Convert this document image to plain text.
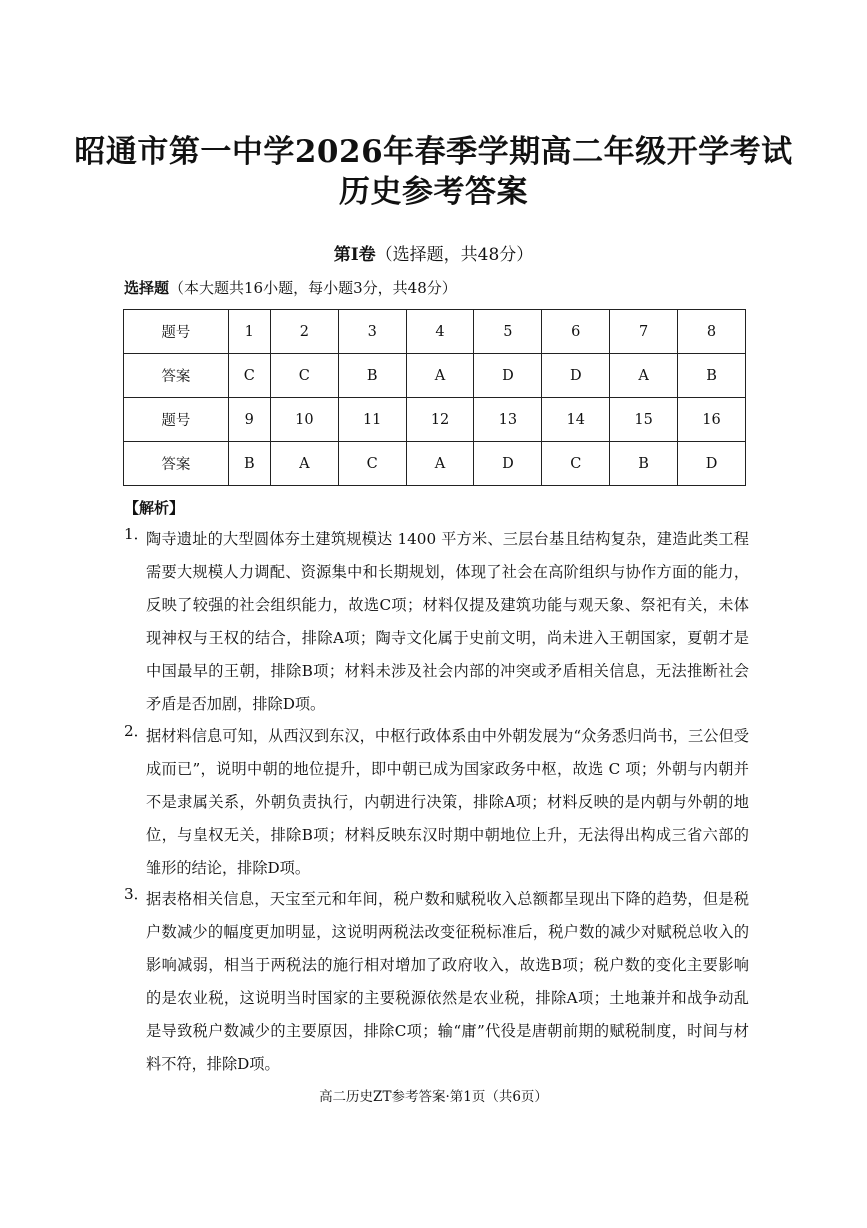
昭通市第一中学2026年春季学期高二年级开学考试
历史参考答案
第Ⅰ卷（选择题，共48分）
选择题（本大题共16小题，每小题3分，共48分）
题号	1	2	3	4	5	6	7	8
答案	C	C	B	A	D	D	A	B
题号	9	10	11	12	13	14	15	16
答案	B	A	C	A	D	C	B	D
【解析】
1．

陶寺遗址的大型圆体夯土建筑规模达 1400 平方米、三层台基且结构复杂，建造此类工程需要大规模人力调配、资源集中和长期规划，体现了社会在高阶组织与协作方面的能力，反映了较强的社会组织能力，故选C项；材料仅提及建筑功能与观天象、祭祀有关，未体现神权与王权的结合，排除A项；陶寺文化属于史前文明，尚未进入王朝国家，夏朝才是中国最早的王朝，排除B项；材料未涉及社会内部的冲突或矛盾相关信息，无法推断社会矛盾是否加剧，排除D项。

2．

据材料信息可知，从西汉到东汉，中枢行政体系由中外朝发展为“众务悉归尚书，三公但受成而已”，说明中朝的地位提升，即中朝已成为国家政务中枢，故选 C 项；外朝与内朝并不是隶属关系，外朝负责执行，内朝进行决策，排除A项；材料反映的是内朝与外朝的地位，与皇权无关，排除B项；材料反映东汉时期中朝地位上升，无法得出构成三省六部的雏形的结论，排除D项。

3．

据表格相关信息，天宝至元和年间，税户数和赋税收入总额都呈现出下降的趋势，但是税户数减少的幅度更加明显，这说明两税法改变征税标准后，税户数的减少对赋税总收入的影响减弱，相当于两税法的施行相对增加了政府收入，故选B项；税户数的变化主要影响的是农业税，这说明当时国家的主要税源依然是农业税，排除A项；土地兼并和战争动乱是导致税户数减少的主要原因，排除C项；输“庸”代役是唐朝前期的赋税制度，时间与材料不符，排除D项。

高二历史ZT参考答案·第1页（共6页）
